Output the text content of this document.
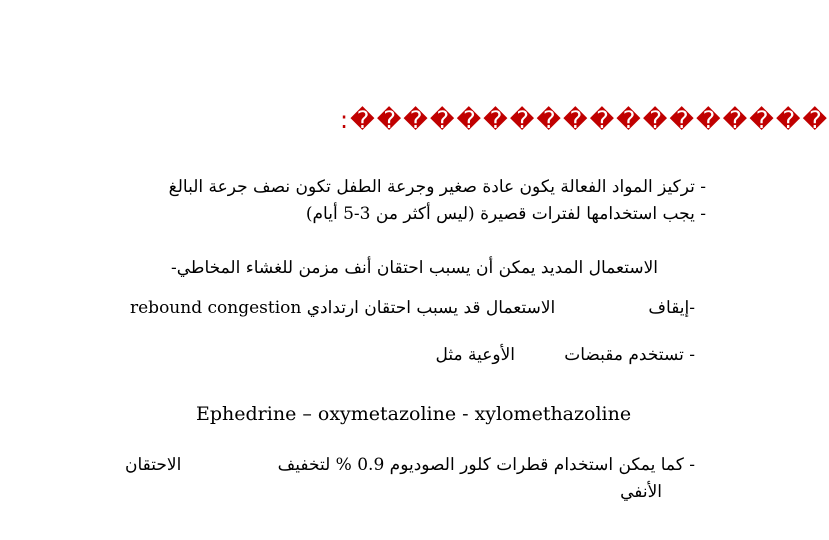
:������������������
- تركيز المواد الفعالة يكون عادة صغير وجرعة الطفل تكون نصف جرعة البالغ
- يجب استخدامها لفترات قصيرة (ليس أكثر من 3-5 أيام)
الاستعمال المديد يمكن أن يسبب احتقان أنف مزمن للغشاء المخاطي-
rebound congestion الاستعمال قد يسبب احتقان ارتدادي	-إيقاف
الأوعية مثل	- تستخدم مقبضات
Ephedrine – oxymetazoline - xylomethazoline
- كما يمكن استخدام قطرات كلور الصوديوم 0.9 % لتخفيف
الاحتقان
الأنفي
